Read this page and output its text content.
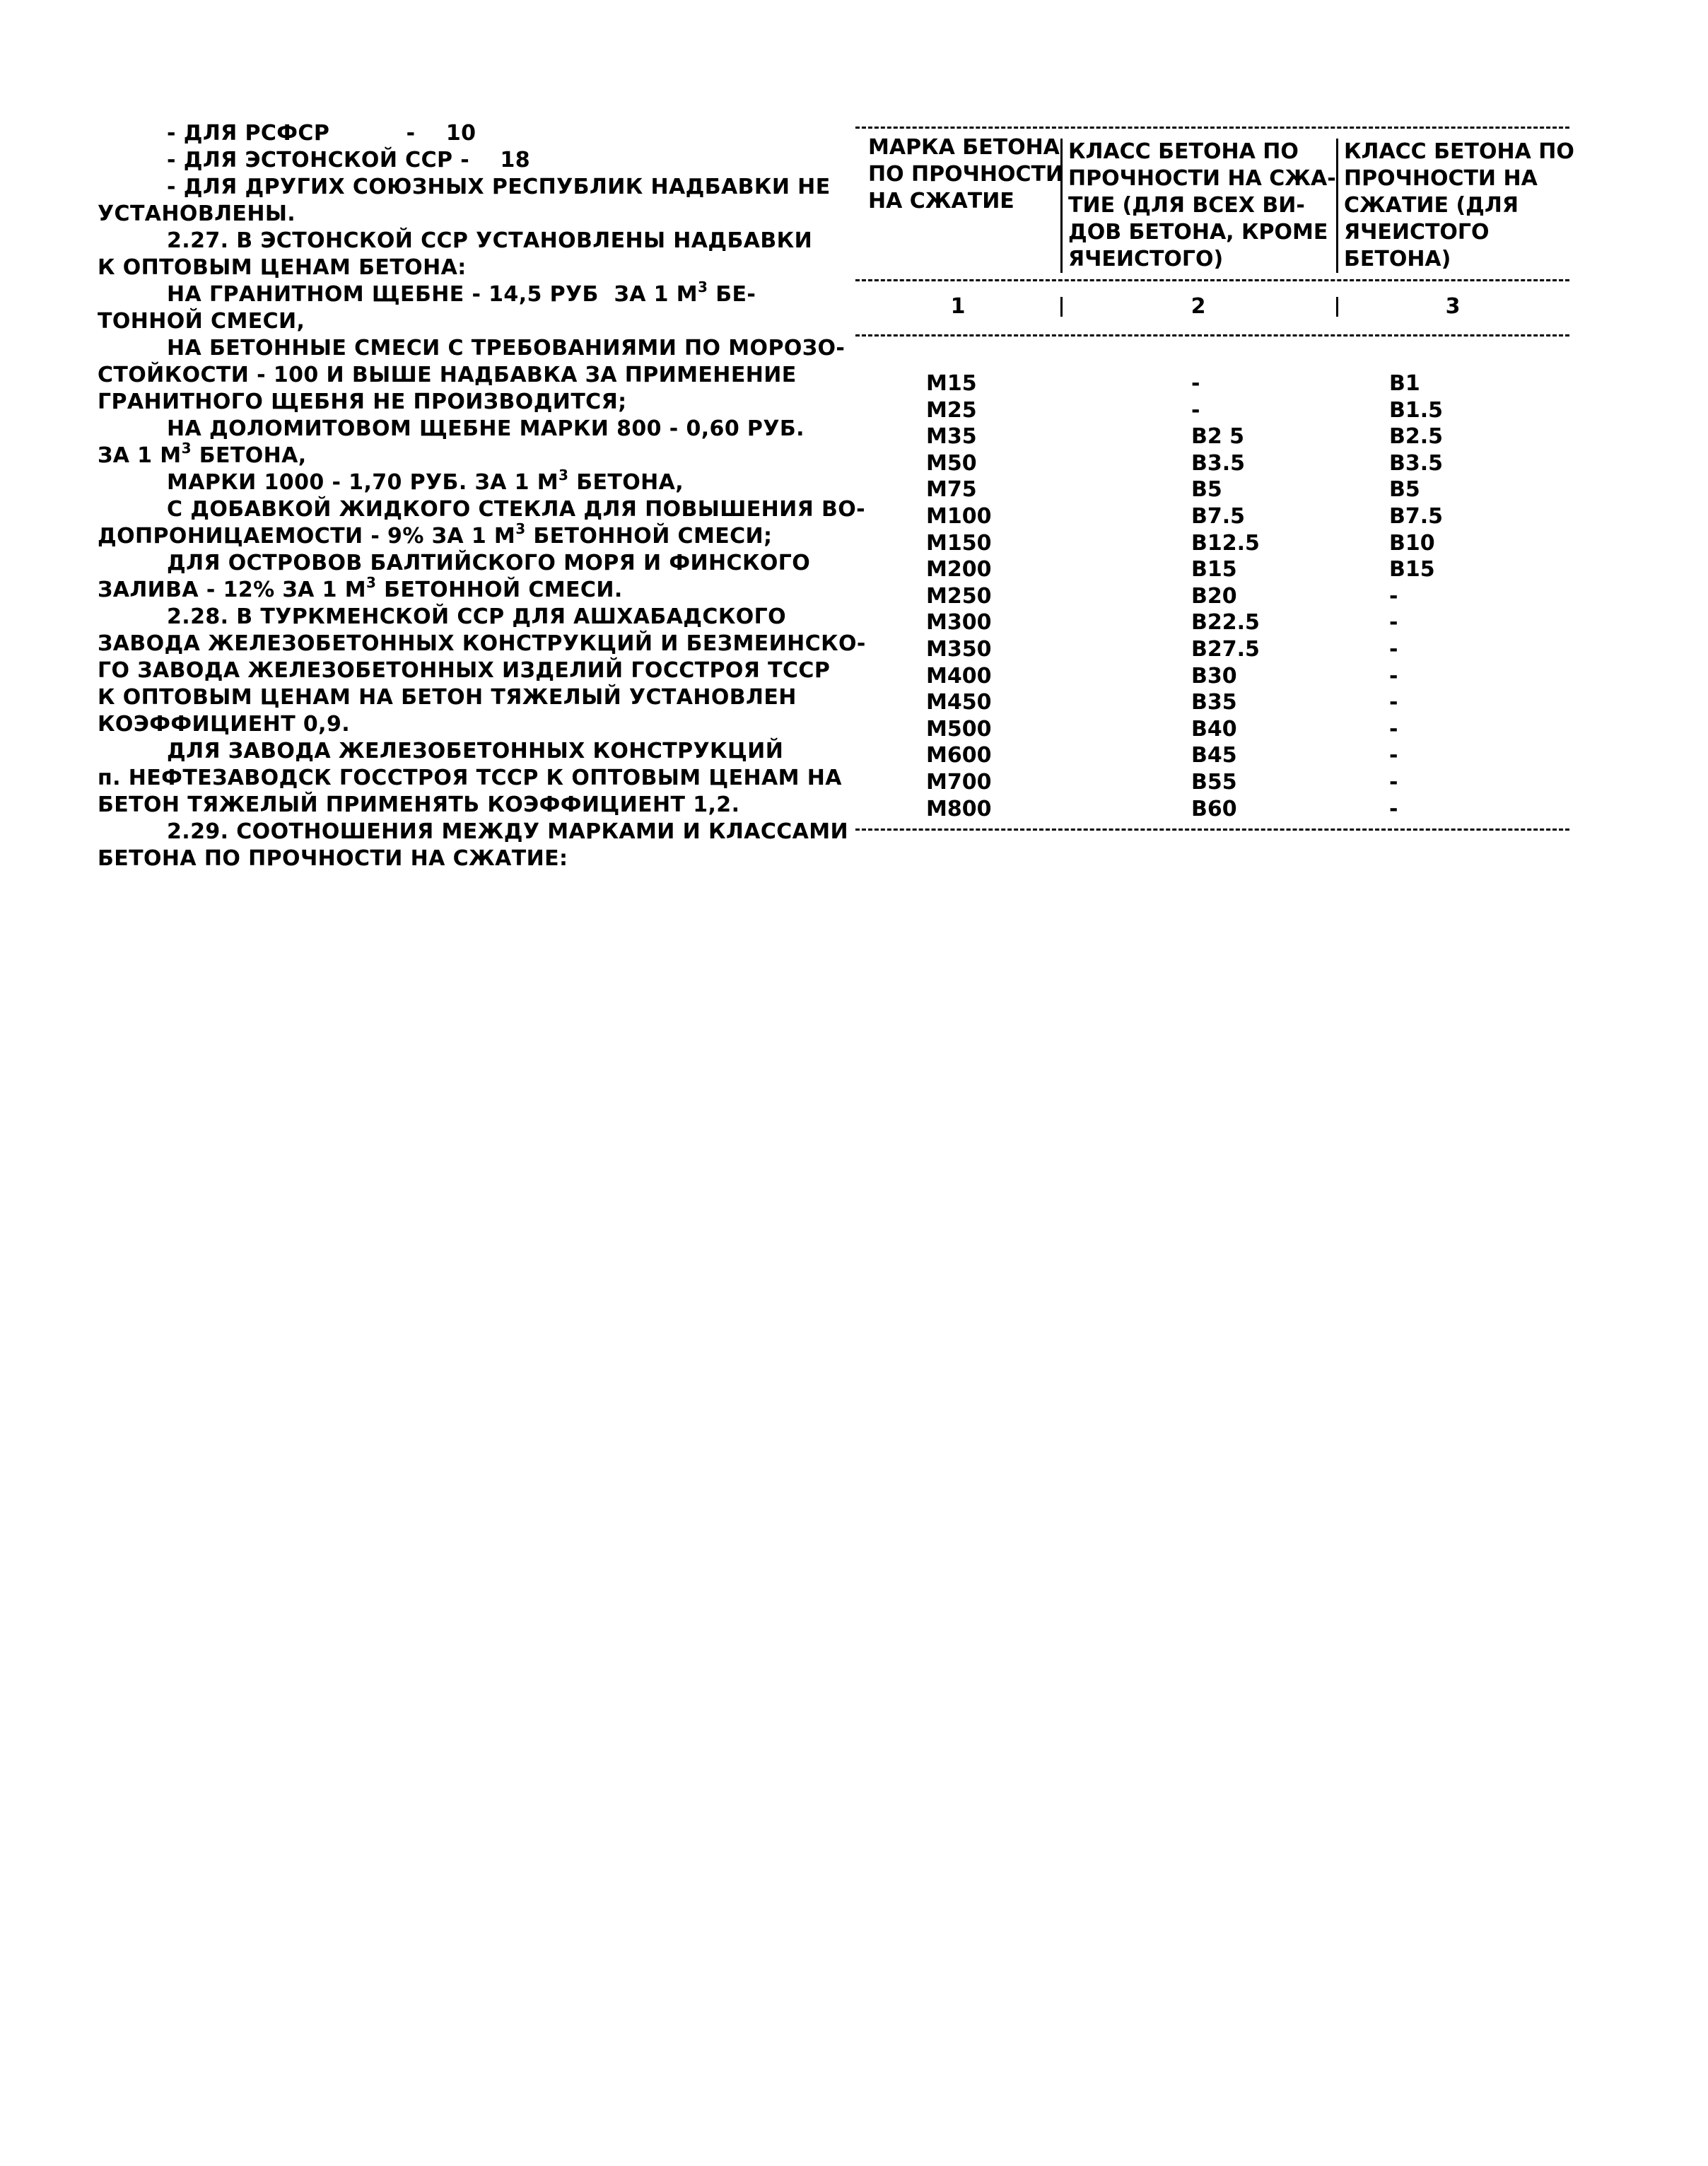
- ДЛЯ РСФСР          -    10
- ДЛЯ ЭСТОНСКОЙ ССР -    18
- ДЛЯ ДРУГИХ СОЮЗНЫХ РЕСПУБЛИК НАДБАВКИ НЕ
УСТАНОВЛЕНЫ.
2.27. В ЭСТОНСКОЙ ССР УСТАНОВЛЕНЫ НАДБАВКИ
К ОПТОВЫМ ЦЕНАМ БЕТОНА:
НА ГРАНИТНОМ ЩЕБНЕ - 14,5 РУБ  ЗА 1 $М^3$ БЕ-
ТОННОЙ СМЕСИ,
НА БЕТОННЫЕ СМЕСИ С ТРЕБОВАНИЯМИ ПО МОРОЗО-
СТОЙКОСТИ - 100 И ВЫШЕ НАДБАВКА ЗА ПРИМЕНЕНИЕ
ГРАНИТНОГО ЩЕБНЯ НЕ ПРОИЗВОДИТСЯ;
НА ДОЛОМИТОВОМ ЩЕБНЕ МАРКИ 800 - 0,60 РУБ.
ЗА 1 $М^3$ БЕТОНА,
МАРКИ 1000 - 1,70 РУБ. ЗА 1 $М^3$ БЕТОНА,
С ДОБАВКОЙ ЖИДКОГО СТЕКЛА ДЛЯ ПОВЫШЕНИЯ ВО-
ДОПРОНИЦАЕМОСТИ - 9% ЗА 1 $М^3$ БЕТОННОЙ СМЕСИ;
ДЛЯ ОСТРОВОВ БАЛТИЙСКОГО МОРЯ И ФИНСКОГО
ЗАЛИВА - 12% ЗА 1 $М^3$ БЕТОННОЙ СМЕСИ.
2.28. В ТУРКМЕНСКОЙ ССР ДЛЯ АШХАБАДСКОГО
ЗАВОДА ЖЕЛЕЗОБЕТОННЫХ КОНСТРУКЦИЙ И БЕЗМЕИНСКО-
ГО ЗАВОДА ЖЕЛЕЗОБЕТОННЫХ ИЗДЕЛИЙ ГОССТРОЯ ТССР
К ОПТОВЫМ ЦЕНАМ НА БЕТОН ТЯЖЕЛЫЙ УСТАНОВЛЕН
КОЭФФИЦИЕНТ 0,9.
ДЛЯ ЗАВОДА ЖЕЛЕЗОБЕТОННЫХ КОНСТРУКЦИЙ
п. НЕФТЕЗАВОДСК ГОССТРОЯ ТССР К ОПТОВЫМ ЦЕНАМ НА
БЕТОН ТЯЖЕЛЫЙ ПРИМЕНЯТЬ КОЭФФИЦИЕНТ 1,2.
2.29. СООТНОШЕНИЯ МЕЖДУ МАРКАМИ И КЛАССАМИ
БЕТОНА ПО ПРОЧНОСТИ НА СЖАТИЕ:
МАРКА БЕТОНА
ПО ПРОЧНОСТИ
НА СЖАТИЕ
КЛАСС БЕТОНА ПО
ПРОЧНОСТИ НА СЖА-
ТИЕ (ДЛЯ ВСЕХ ВИ-
ДОВ БЕТОНА, КРОМЕ
ЯЧЕИСТОГО)
КЛАСС БЕТОНА ПО
ПРОЧНОСТИ НА
СЖАТИЕ (ДЛЯ
ЯЧЕИСТОГО
БЕТОНА)
1	2	3
М15	-	В1
М25	-	В1.5
М35	В2 5	В2.5
М50	В3.5	В3.5
М75	В5	В5
М100	В7.5	В7.5
М150	В12.5	В10
М200	В15	В15
М250	В20	-
М300	В22.5	-
М350	В27.5	-
М400	В30	-
М450	В35	-
М500	В40	-
М600	В45	-
М700	В55	-
М800	В60	-
